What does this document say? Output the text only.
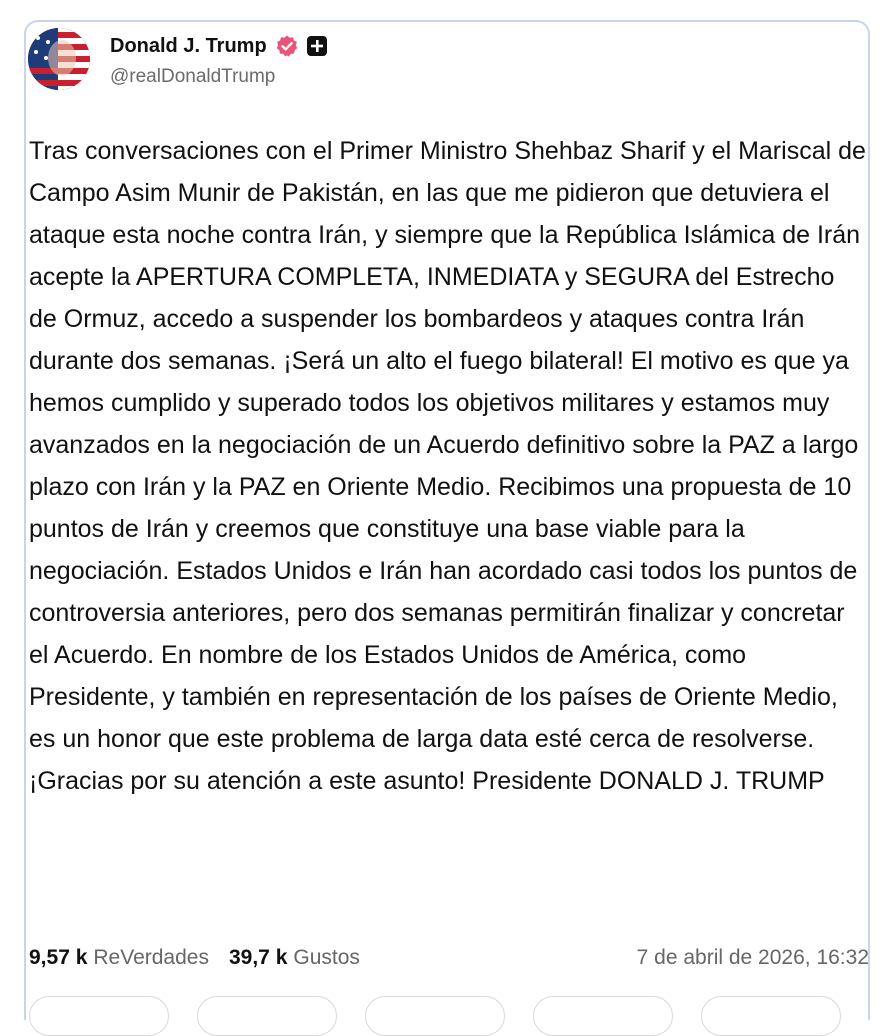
Donald J. Trump
@realDonaldTrump

Tras conversaciones con el Primer Ministro Shehbaz Sharif y el Mariscal de Campo Asim Munir de Pakistán, en las que me pidieron que detuviera el ataque esta noche contra Irán, y siempre que la República Islámica de Irán acepte la APERTURA COMPLETA, INMEDIATA y SEGURA del Estrecho de Ormuz, accedo a suspender los bombardeos y ataques contra Irán durante dos semanas. ¡Será un alto el fuego bilateral! El motivo es que ya hemos cumplido y superado todos los objetivos militares y estamos muy avanzados en la negociación de un Acuerdo definitivo sobre la PAZ a largo plazo con Irán y la PAZ en Oriente Medio. Recibimos una propuesta de 10 puntos de Irán y creemos que constituye una base viable para la negociación. Estados Unidos e Irán han acordado casi todos los puntos de controversia anteriores, pero dos semanas permitirán finalizar y concretar el Acuerdo. En nombre de los Estados Unidos de América, como Presidente, y también en representación de los países de Oriente Medio, es un honor que este problema de larga data esté cerca de resolverse. ¡Gracias por su atención a este asunto! Presidente DONALD J. TRUMP

9,57 k ReVerdades 39,7 k Gustos	7 de abril de 2026, 16:32
